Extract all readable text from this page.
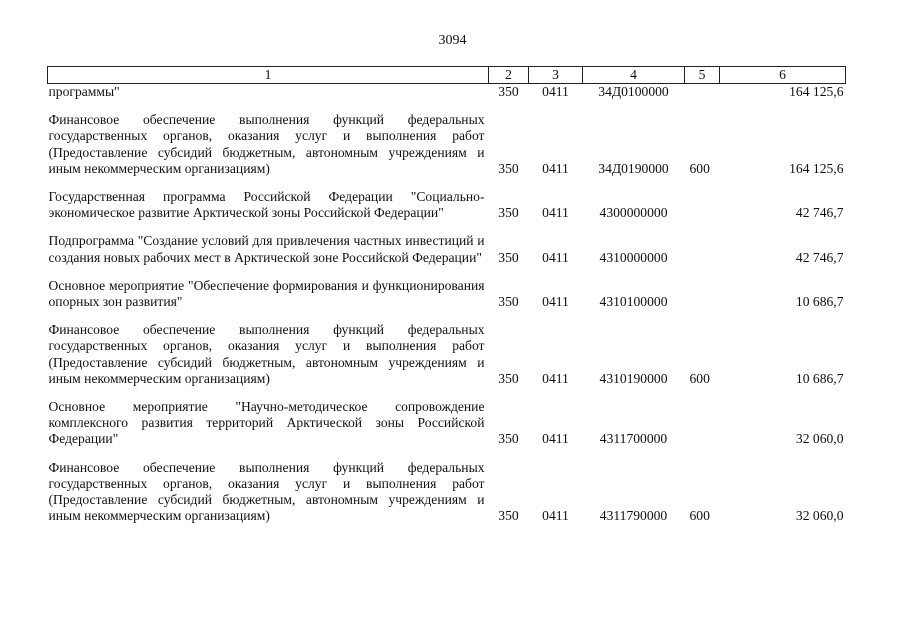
3094
1	2	3	4	5	6
программы"	350	0411	34Д0100000		164 125,6
Финансовое обеспечение выполнения функций федеральных государственных органов, оказания услуг и выполнения работ (Предоставление субсидий бюджетным, автономным учреждениям и иным некоммерческим организациям)	350	0411	34Д0190000	600	164 125,6
Государственная программа Российской Федерации "Социально-экономическое развитие Арктической зоны Российской Федерации"	350	0411	4300000000		42 746,7
Подпрограмма "Создание условий для привлечения частных инвестиций и создания новых рабочих мест в Арктической зоне Российской Федерации"	350	0411	4310000000		42 746,7
Основное мероприятие "Обеспечение формирования и функционирования опорных зон развития"	350	0411	4310100000		10 686,7
Финансовое обеспечение выполнения функций федеральных государственных органов, оказания услуг и выполнения работ (Предоставление субсидий бюджетным, автономным учреждениям и иным некоммерческим организациям)	350	0411	4310190000	600	10 686,7
Основное мероприятие "Научно-методическое сопровождение комплексного развития территорий Арктической зоны Российской Федерации"	350	0411	4311700000		32 060,0
Финансовое обеспечение выполнения функций федеральных государственных органов, оказания услуг и выполнения работ (Предоставление субсидий бюджетным, автономным учреждениям и иным некоммерческим организациям)	350	0411	4311790000	600	32 060,0
